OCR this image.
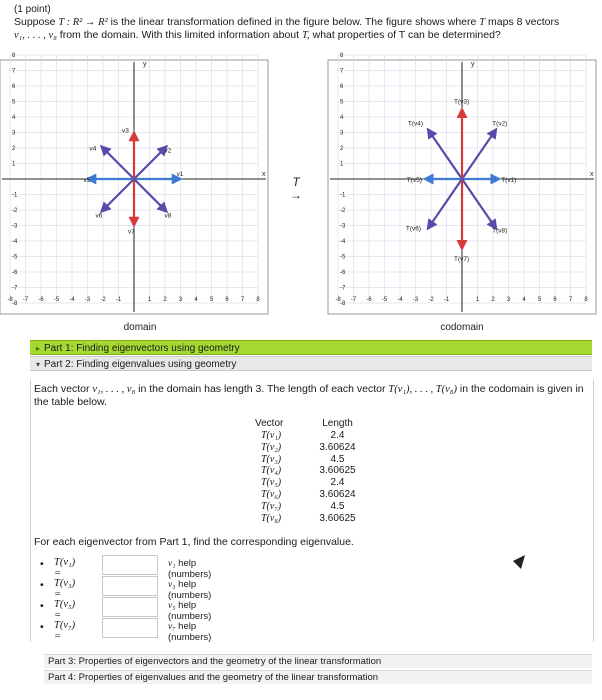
(1 point)
Suppose T : R² → R² is the linear transformation defined in the figure below. The figure shows where T maps 8 vectors
v₁, . . . , v₈ from the domain. With this limited information about T, what properties of T can be determined?
y
x
-8 -7 -6 -5 -4 -3 -2 -1	1 2 3 4 5 6 7 8
8
7
6
5
4
3
2
1
-1
-2
-3
-4
-5
-6
-7
-8
v1
v2
v3
v4
v5
v6
v7
v8
domain
T
→
y
x
-8 -7 -6 -5 -4 -3 -2 -1	1 2 3 4 5 6 7 8
8
7
6
5
4
3
2
1
-1
-2
-3
-4
-5
-6
-7
-8
T(v1)
T(v2)
T(v3)
T(v4)
T(v5)
T(v6)
T(v7)
T(v8)
codomain
▸ Part 1: Finding eigenvectors using geometry
▾ Part 2: Finding eigenvalues using geometry
Each vector v₁, . . . , v₈ in the domain has length 3. The length of each vector T(v₁), . . . , T(v₈) in the codomain is given in the table below.
Vector	Length
T(v₁)	2.4
T(v₂)	3.60624
T(v₃)	4.5
T(v₄)	3.60625
T(v₅)	2.4
T(v₆)	3.60624
T(v₇)	4.5
T(v₈)	3.60625
For each eigenvector from Part 1, find the corresponding eigenvalue.
• T(v₁) =
v₁ help (numbers)
• T(v₃) =
v₃ help (numbers)
• T(v₅) =
v₅ help (numbers)
• T(v₇) =
v₇ help (numbers)
Part 3: Properties of eigenvectors and the geometry of the linear transformation
Part 4: Properties of eigenvalues and the geometry of the linear transformation
